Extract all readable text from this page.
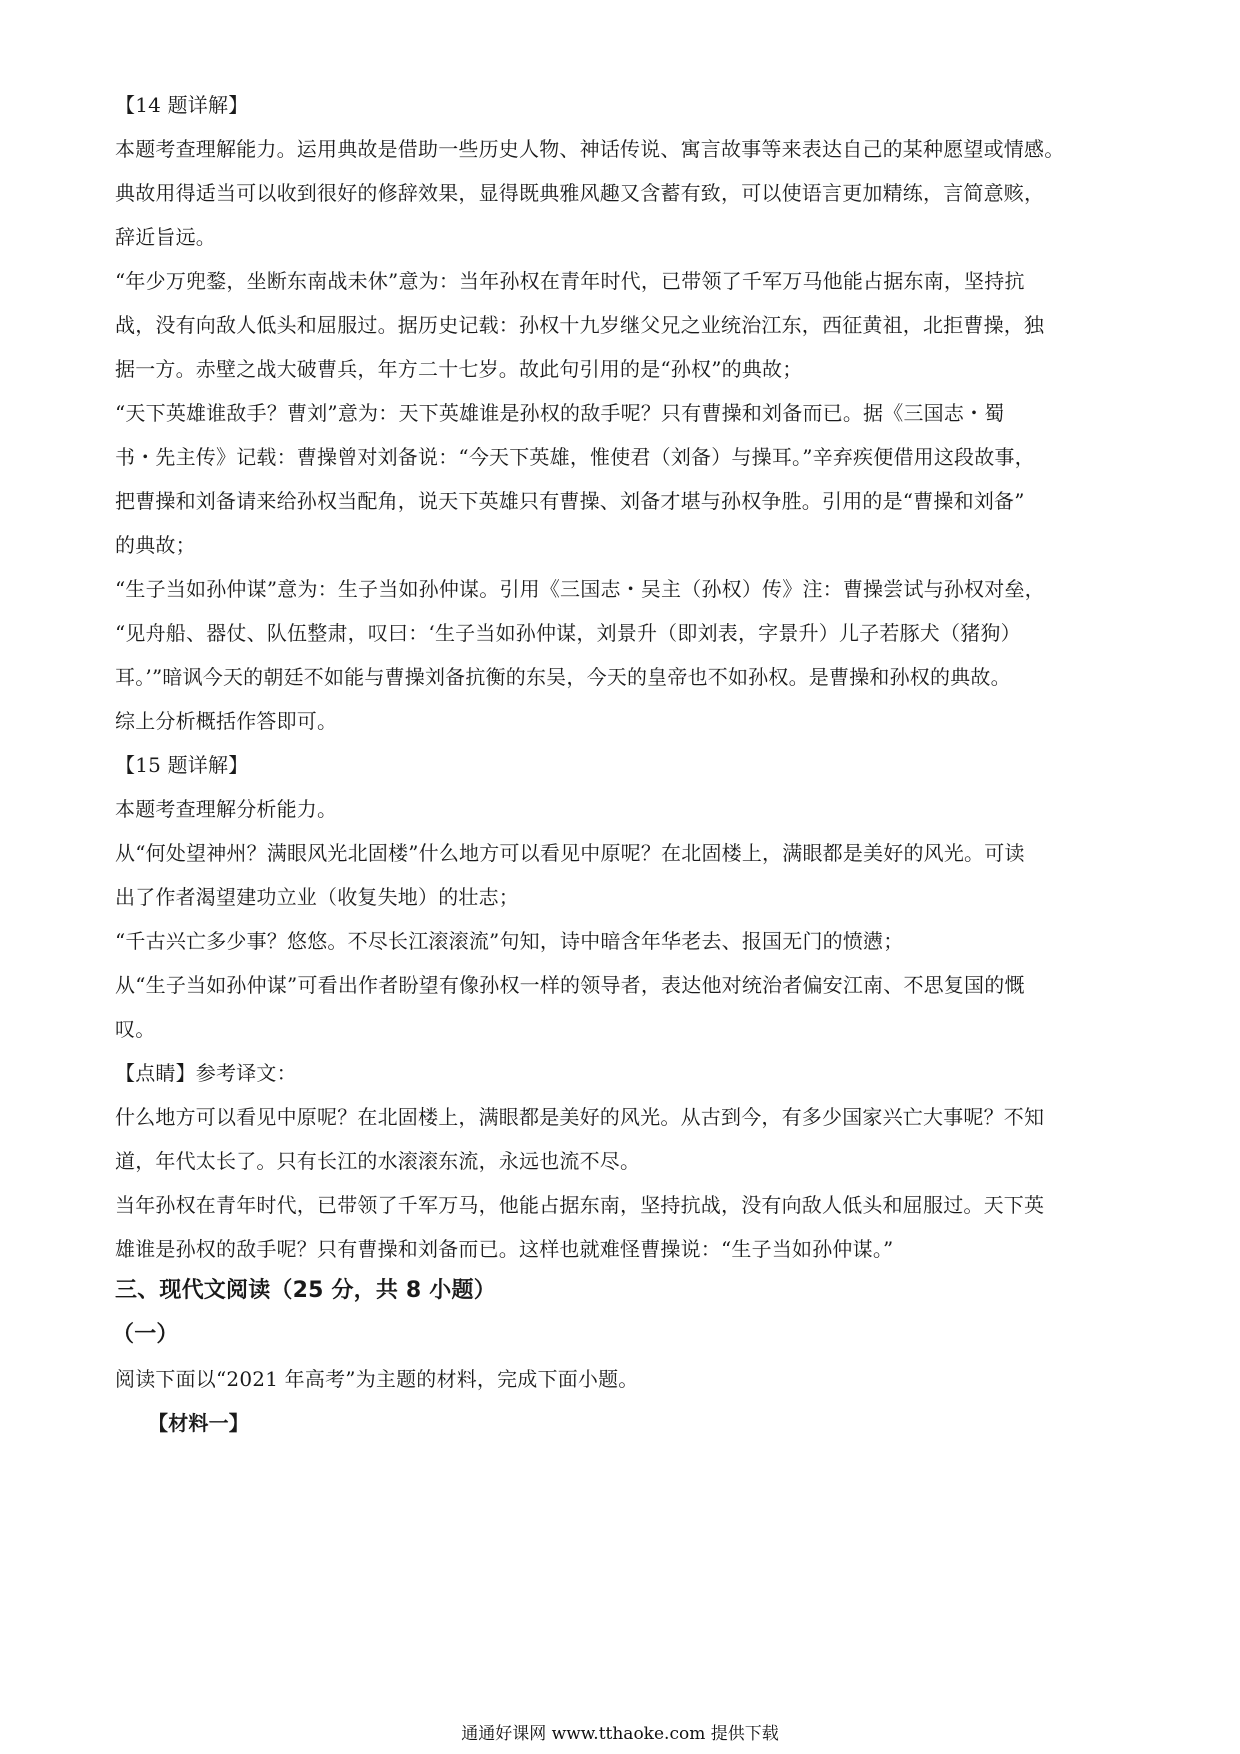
【14 题详解】
本题考查理解能力。运用典故是借助一些历史人物、神话传说、寓言故事等来表达自己的某种愿望或情感。
典故用得适当可以收到很好的修辞效果，显得既典雅风趣又含蓄有致，可以使语言更加精练，言简意赅，
辞近旨远。
“年少万兜鍪，坐断东南战未休”意为：当年孙权在青年时代，已带领了千军万马他能占据东南，坚持抗
战，没有向敌人低头和屈服过。据历史记载：孙权十九岁继父兄之业统治江东，西征黄祖，北拒曹操，独
据一方。赤壁之战大破曹兵，年方二十七岁。故此句引用的是“孙权”的典故；
“天下英雄谁敌手？曹刘”意为：天下英雄谁是孙权的敌手呢？只有曹操和刘备而已。据《三国志・蜀
书・先主传》记载：曹操曾对刘备说：“今天下英雄，惟使君（刘备）与操耳。”辛弃疾便借用这段故事，
把曹操和刘备请来给孙权当配角，说天下英雄只有曹操、刘备才堪与孙权争胜。引用的是“曹操和刘备”
的典故；
“生子当如孙仲谋”意为：生子当如孙仲谋。引用《三国志・吴主（孙权）传》注：曹操尝试与孙权对垒，
“见舟船、器仗、队伍整肃，叹曰：‘生子当如孙仲谋，刘景升（即刘表，字景升）儿子若豚犬（猪狗）
耳。’”暗讽今天的朝廷不如能与曹操刘备抗衡的东吴，今天的皇帝也不如孙权。是曹操和孙权的典故。
综上分析概括作答即可。
【15 题详解】
本题考查理解分析能力。
从“何处望神州？满眼风光北固楼”什么地方可以看见中原呢？在北固楼上，满眼都是美好的风光。可读
出了作者渴望建功立业（收复失地）的壮志；
“千古兴亡多少事？悠悠。不尽长江滚滚流”句知，诗中暗含年华老去、报国无门的愤懑；
从“生子当如孙仲谋”可看出作者盼望有像孙权一样的领导者，表达他对统治者偏安江南、不思复国的慨
叹。
【点睛】参考译文：
什么地方可以看见中原呢？在北固楼上，满眼都是美好的风光。从古到今，有多少国家兴亡大事呢？不知
道，年代太长了。只有长江的水滚滚东流，永远也流不尽。
当年孙权在青年时代，已带领了千军万马，他能占据东南，坚持抗战，没有向敌人低头和屈服过。天下英
雄谁是孙权的敌手呢？只有曹操和刘备而已。这样也就难怪曹操说：“生子当如孙仲谋。”
三、现代文阅读（25 分，共 8 小题）
（一）
阅读下面以“2021 年高考”为主题的材料，完成下面小题。
【材料一】
通通好课网 www.tthaoke.com 提供下载
